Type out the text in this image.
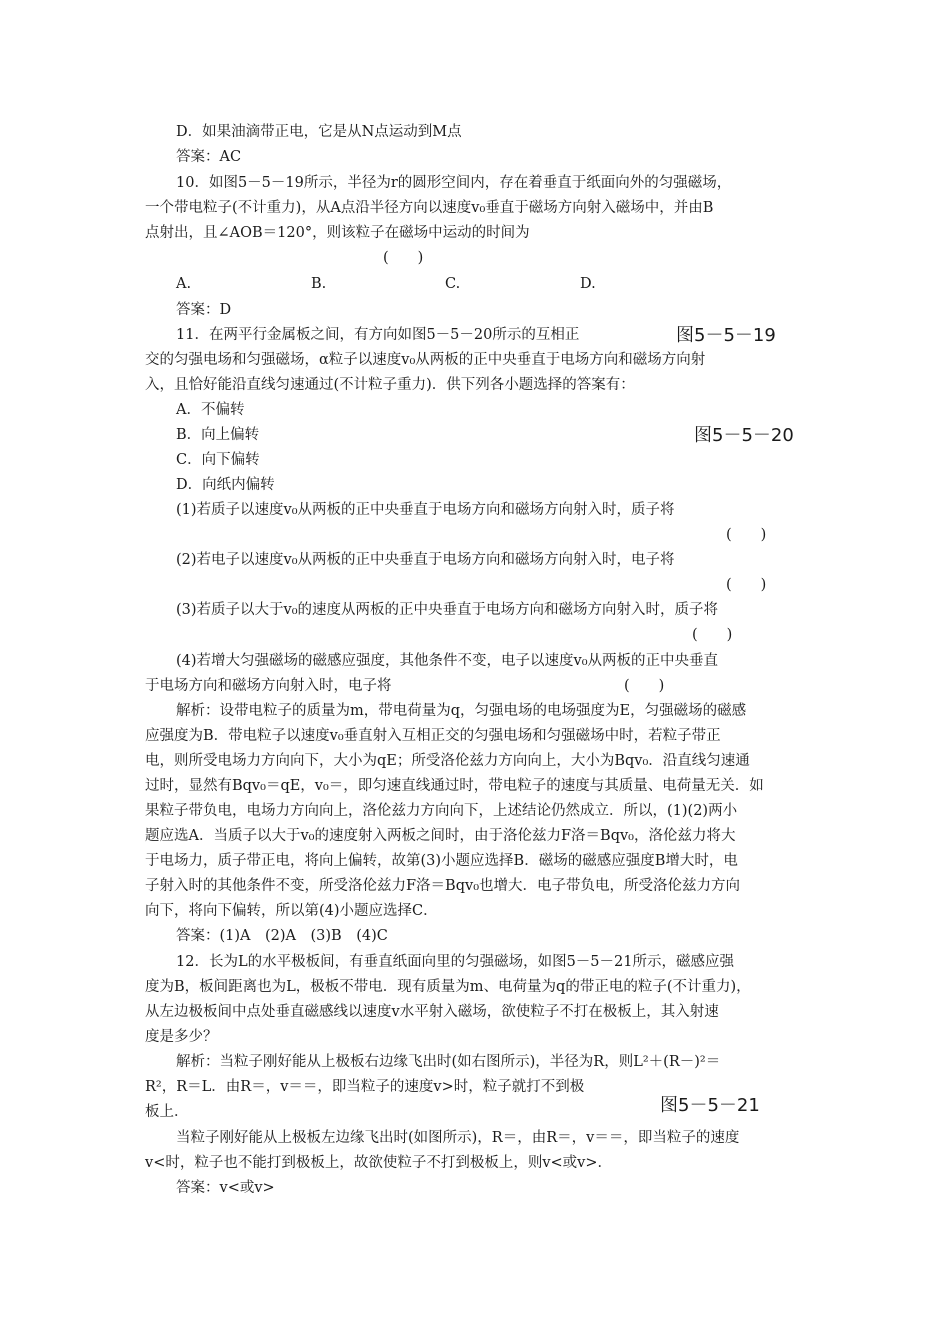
D．如果油滴带正电，它是从N点运动到M点
答案：AC
10．如图5－5－19所示，半径为r的圆形空间内，存在着垂直于纸面向外的匀强磁场，
一个带电粒子(不计重力)，从A点沿半径方向以速度v₀垂直于磁场方向射入磁场中，并由B
点射出，且∠AOB＝120°，则该粒子在磁场中运动的时间为
(　　)
A.	B.	C.	D.
答案：D
11．在两平行金属板之间，有方向如图5－5－20所示的互相正
交的匀强电场和匀强磁场，α粒子以速度v₀从两板的正中央垂直于电场方向和磁场方向射
入，且恰好能沿直线匀速通过(不计粒子重力)．供下列各小题选择的答案有：
A．不偏转
B．向上偏转
C．向下偏转
D．向纸内偏转
(1)若质子以速度v₀从两板的正中央垂直于电场方向和磁场方向射入时，质子将
(　　)
(2)若电子以速度v₀从两板的正中央垂直于电场方向和磁场方向射入时，电子将
(　　)
(3)若质子以大于v₀的速度从两板的正中央垂直于电场方向和磁场方向射入时，质子将
(　　)
(4)若增大匀强磁场的磁感应强度，其他条件不变，电子以速度v₀从两板的正中央垂直
于电场方向和磁场方向射入时，电子将	(　　)
解析：设带电粒子的质量为m，带电荷量为q，匀强电场的电场强度为E，匀强磁场的磁感
应强度为B．带电粒子以速度v₀垂直射入互相正交的匀强电场和匀强磁场中时，若粒子带正
电，则所受电场力方向向下，大小为qE；所受洛伦兹力方向向上，大小为Bqv₀．沿直线匀速通
过时，显然有Bqv₀＝qE，v₀＝，即匀速直线通过时，带电粒子的速度与其质量、电荷量无关．如
果粒子带负电，电场力方向向上，洛伦兹力方向向下，上述结论仍然成立．所以，(1)(2)两小
题应选A．当质子以大于v₀的速度射入两板之间时，由于洛伦兹力F洛＝Bqv₀，洛伦兹力将大
于电场力，质子带正电，将向上偏转，故第(3)小题应选择B．磁场的磁感应强度B增大时，电
子射入时的其他条件不变，所受洛伦兹力F洛＝Bqv₀也增大．电子带负电，所受洛伦兹力方向
向下，将向下偏转，所以第(4)小题应选择C．
答案：(1)A　(2)A　(3)B　(4)C
12．长为L的水平极板间，有垂直纸面向里的匀强磁场，如图5－5－21所示，磁感应强
度为B，板间距离也为L，极板不带电．现有质量为m、电荷量为q的带正电的粒子(不计重力)，
从左边极板间中点处垂直磁感线以速度v水平射入磁场，欲使粒子不打在极板上，其入射速
度是多少？
解析：当粒子刚好能从上极板右边缘飞出时(如右图所示)，半径为R，则L²＋(R－)²＝
R²，R＝L．由R＝，v＝＝，即当粒子的速度v>时，粒子就打不到极
板上．
当粒子刚好能从上极板左边缘飞出时(如图所示)，R＝，由R＝，v＝＝，即当粒子的速度
v<时，粒子也不能打到极板上，故欲使粒子不打到极板上，则v<或v>．
答案：v<或v>
图5－5－19
图5－5－20
图5－5－21
